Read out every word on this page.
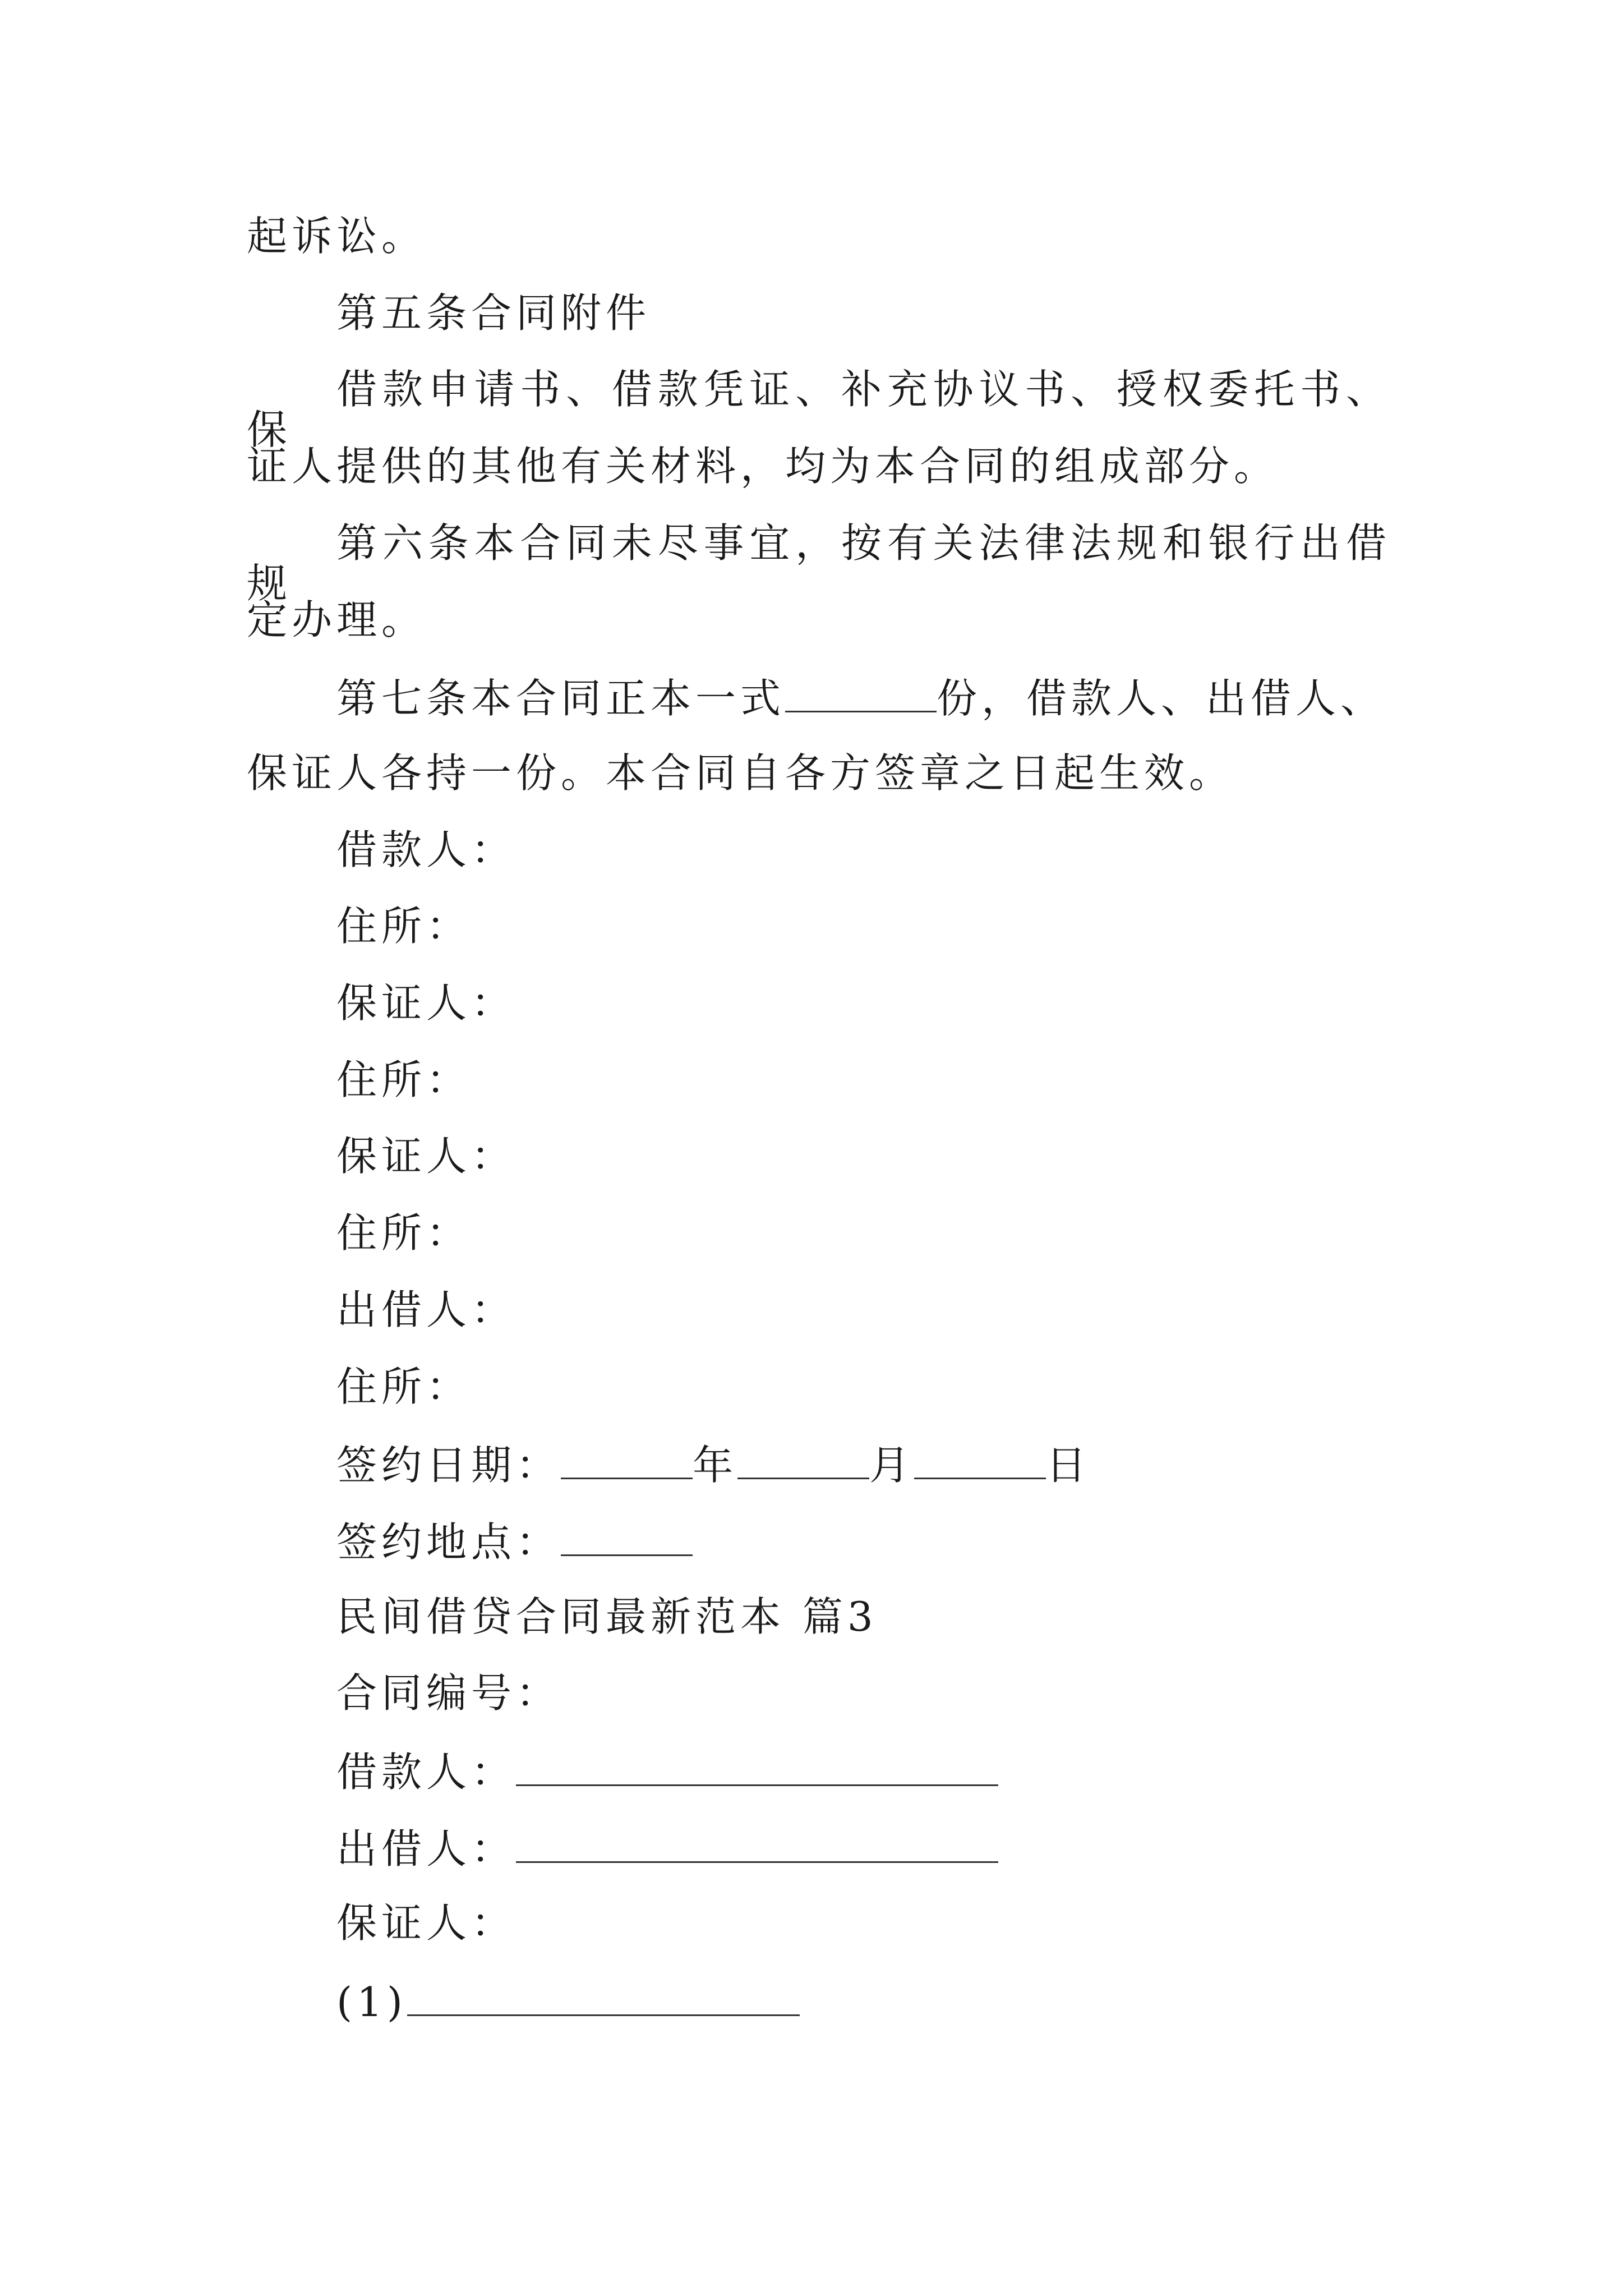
起诉讼。
第五条合同附件
借款申请书、借款凭证、补充协议书、授权委托书、保
证人提供的其他有关材料，均为本合同的组成部分。
第六条本合同未尽事宜，按有关法律法规和银行出借规
定办理。
第七条本合同正本一式	份，借款人、出借人、
保证人各持一份。本合同自各方签章之日起生效。
借款人：
住所：
保证人：
住所：
保证人：
住所：
出借人：
住所：
签约日期：	年	月	日
签约地点：
民间借贷合同最新范本 篇3
合同编号：
借款人：
出借人：
保证人：
(1)
